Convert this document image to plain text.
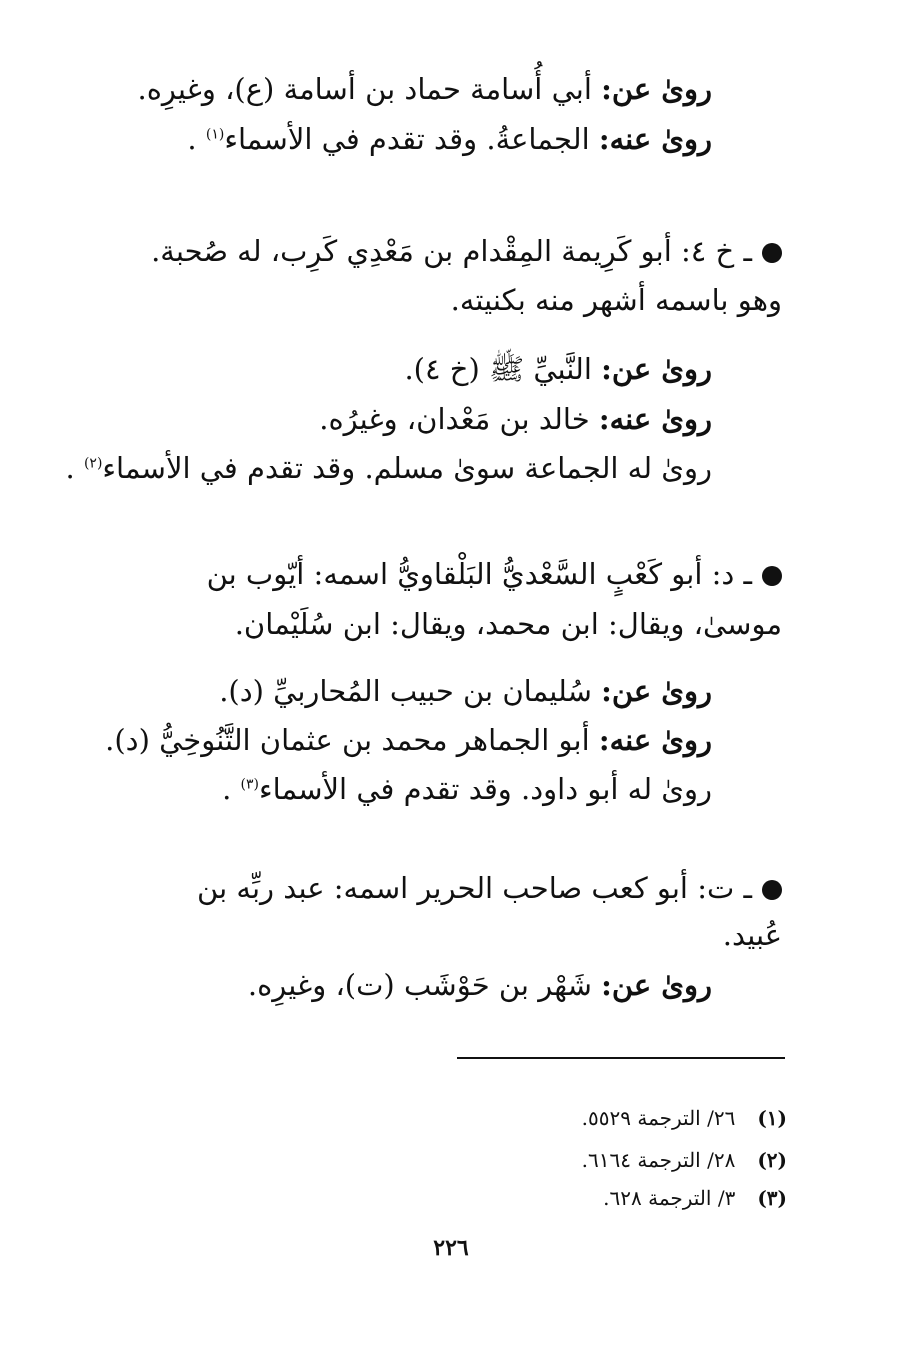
رویٰ عن: أبي أُسامة حماد بن أسامة (ع)، وغيرِه.
رویٰ عنه: الجماعةُ. وقد تقدم في الأسماء$^{(١)}$ .
ـ خ ٤: أبو كَرِيمة المِقْدام بن مَعْدِي كَرِب، له صُحبة.
وهو باسمه أشهر منه بكنيته.
رویٰ عن: النَّبيِّ ﷺ (خ ٤).
رویٰ عنه: خالد بن مَعْدان، وغيرُه.
رویٰ له الجماعة سویٰ مسلم. وقد تقدم في الأسماء$^{(٢)}$ .
ـ د: أبو كَعْبٍ السَّعْديُّ البَلْقاويُّ اسمه: أيّوب بن
موسیٰ، ويقال: ابن محمد، ويقال: ابن سُلَيْمان.
رویٰ عن: سُليمان بن حبيب المُحاربيِّ (د).
رویٰ عنه: أبو الجماهر محمد بن عثمان التَّنُوخِيُّ (د).
رویٰ له أبو داود. وقد تقدم في الأسماء$^{(٣)}$ .
ـ ت: أبو كعب صاحب الحرير اسمه: عبد ربِّه بن
عُبيد.
رویٰ عن: شَهْر بن حَوْشَب (ت)، وغيرِه.
(١)٢٦/ الترجمة ٥٥٢٩.
(٢)٢٨/ الترجمة ٦١٦٤.
(٣)٣/ الترجمة ٦٢٨.
٢٢٦
